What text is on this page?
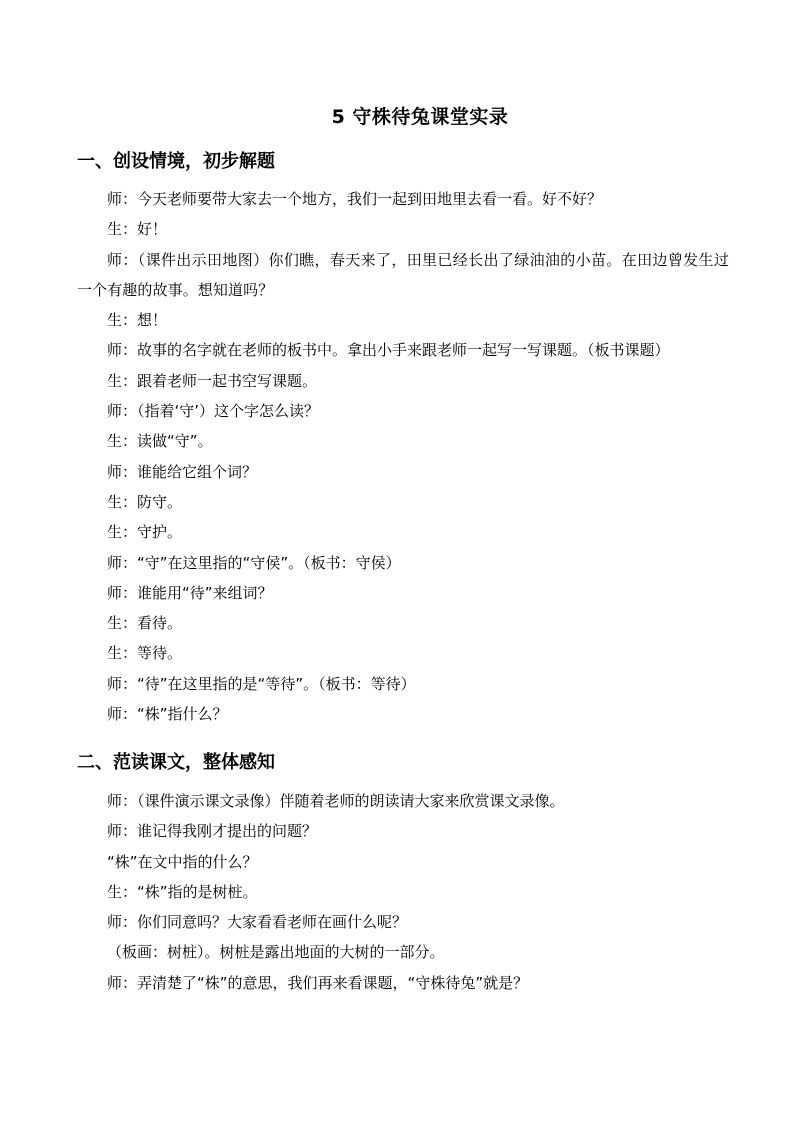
5 守株待兔课堂实录

一、创设情境，初步解题

师：今天老师要带大家去一个地方，我们一起到田地里去看一看。好不好？

生：好！

师：（课件出示田地图）你们瞧，春天来了，田里已经长出了绿油油的小苗。在田边曾发生过一个有趣的故事。想知道吗？

生：想！

师：故事的名字就在老师的板书中。拿出小手来跟老师一起写一写课题。（板书课题）

生：跟着老师一起书空写课题。

师：（指着‘守’）这个字怎么读？

生：读做“守”。

师：谁能给它组个词？

生：防守。

生：守护。

师：“守”在这里指的“守侯”。（板书：守侯）

师：谁能用“待”来组词？

生：看待。

生：等待。

师：“待”在这里指的是“等待”。（板书：等待）

师：“株”指什么？

二、范读课文，整体感知

师：（课件演示课文录像）伴随着老师的朗读请大家来欣赏课文录像。

师：谁记得我刚才提出的问题？

“株”在文中指的什么？

生：“株”指的是树桩。

师：你们同意吗？大家看看老师在画什么呢？

（板画：树桩）。树桩是露出地面的大树的一部分。

师：弄清楚了“株”的意思，我们再来看课题，“守株待兔”就是？
